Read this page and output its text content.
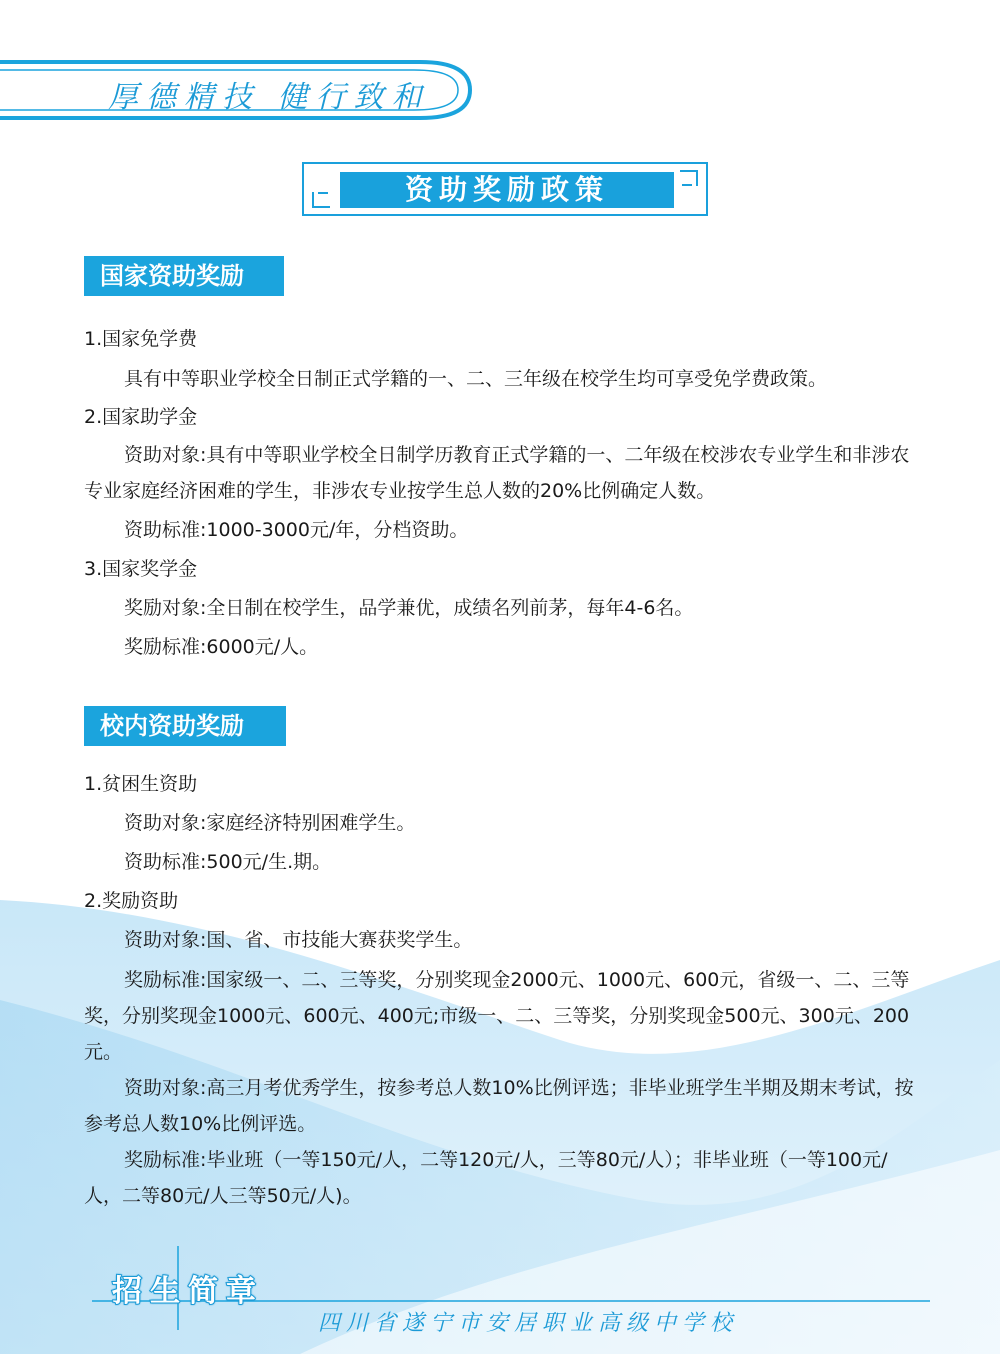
厚德精技 健行致和
资助奖励政策
国家资助奖励
1.国家免学费
具有中等职业学校全日制正式学籍的一、二、三年级在校学生均可享受免学费政策。
2.国家助学金
资助对象:具有中等职业学校全日制学历教育正式学籍的一、二年级在校涉农专业学生和非涉农专业家庭经济困难的学生，非涉农专业按学生总人数的20%比例确定人数。
资助标准:1000-3000元/年，分档资助。
3.国家奖学金
奖励对象:全日制在校学生，品学兼优，成绩名列前茅，每年4-6名。
奖励标准:6000元/人。
校内资助奖励
1.贫困生资助
资助对象:家庭经济特别困难学生。
资助标准:500元/生.期。
2.奖励资助
资助对象:国、省、市技能大赛获奖学生。
奖励标准:国家级一、二、三等奖，分别奖现金2000元、1000元、600元，省级一、二、三等奖，分别奖现金1000元、600元、400元;市级一、二、三等奖，分别奖现金500元、300元、200元。
资助对象:高三月考优秀学生，按参考总人数10%比例评选；非毕业班学生半期及期末考试，按参考总人数10%比例评选。
奖励标准:毕业班（一等150元/人，二等120元/人，三等80元/人）；非毕业班（一等100元/人，二等80元/人三等50元/人)。
招生简章
四川省遂宁市安居职业高级中学校
